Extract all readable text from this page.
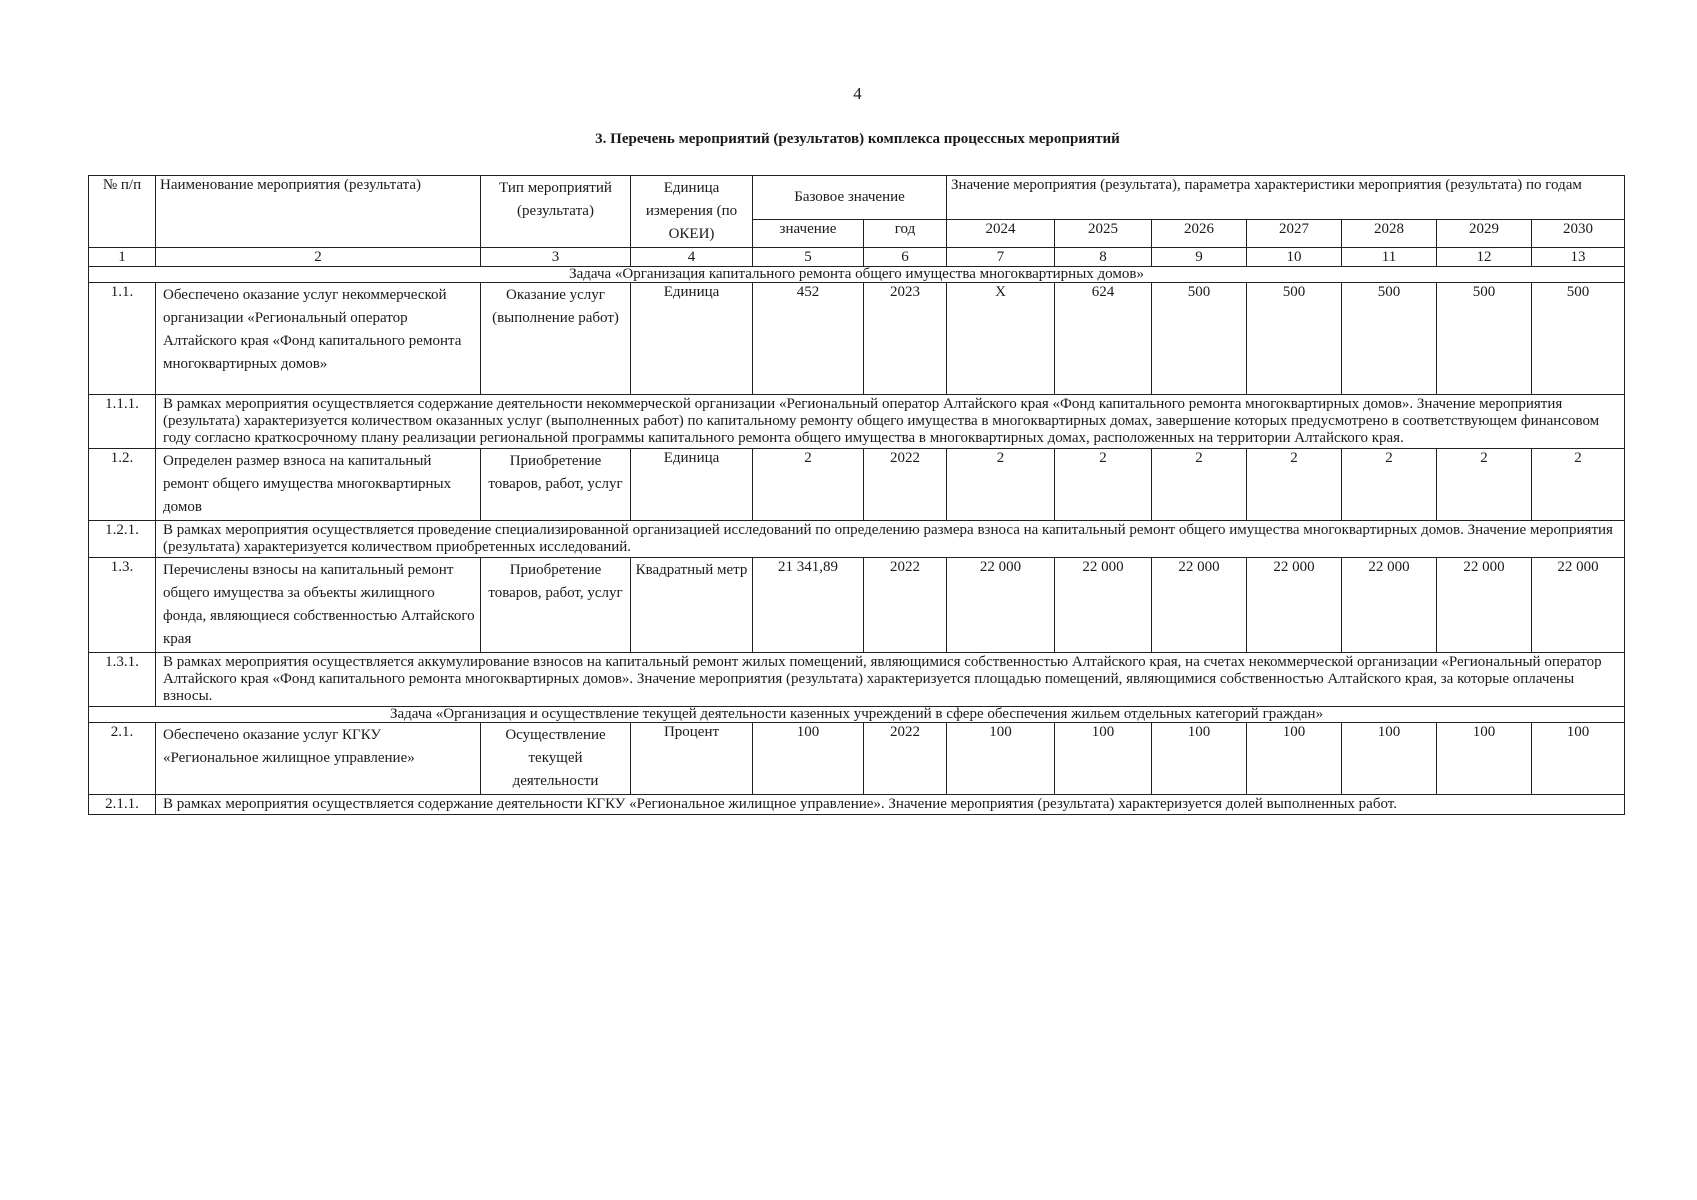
4
3. Перечень мероприятий (результатов) комплекса процессных мероприятий
№ п/п	Наименование мероприятия (результата)	Тип мероприятий (результата)	Единица измерения (по ОКЕИ)	Базовое значение		Значение мероприятия (результата), параметра характеристики мероприятия (результата) по годам						
				значение	год	2024	2025	2026	2027	2028	2029	2030
1	2	3	4	5	6	7	8	9	10	11	12	13
Задача «Организация капитального ремонта общего имущества многоквартирных домов»												
1.1.	Обеспечено оказание услуг некоммерческой организации «Региональный оператор Алтайского края «Фонд капитального ремонта многоквартирных домов»	Оказание услуг (выполнение работ)	Единица	452	2023	Х	624	500	500	500	500	500
1.1.1.	В рамках мероприятия осуществляется содержание деятельности некоммерческой организации «Региональный оператор Алтайского края «Фонд капитального ремонта многоквартирных домов». Значение мероприятия (результата) характеризуется количеством оказанных услуг (выполненных работ) по капитальному ремонту общего имущества в многоквартирных домах, завершение которых предусмотрено в соответствующем финансовом году согласно краткосрочному плану реализации региональной программы капитального ремонта общего имущества в многоквартирных домах, расположенных на территории Алтайского края.											
1.2.	Определен размер взноса на капитальный ремонт общего имущества многоквартирных домов	Приобретение товаров, работ, услуг	Единица	2	2022	2	2	2	2	2	2	2
1.2.1.	В рамках мероприятия осуществляется проведение специализированной организацией исследований по определению размера взноса на капитальный ремонт общего имущества многоквартирных домов. Значение мероприятия (результата) характеризуется количеством приобретенных исследований.											
1.3.	Перечислены взносы на капитальный ремонт общего имущества за объекты жилищного фонда, являющиеся собственностью Алтайского края	Приобретение товаров, работ, услуг	Квадратный метр	21 341,89	2022	22 000	22 000	22 000	22 000	22 000	22 000	22 000
1.3.1.	В рамках мероприятия осуществляется аккумулирование взносов на капитальный ремонт жилых помещений, являющимися собственностью Алтайского края, на счетах некоммерческой организации «Региональный оператор Алтайского края «Фонд капитального ремонта многоквартирных домов». Значение мероприятия (результата) характеризуется площадью помещений, являющимися собственностью Алтайского края, за которые оплачены взносы.											
Задача «Организация и осуществление текущей деятельности казенных учреждений в сфере обеспечения жильем отдельных категорий граждан»												
2.1.	Обеспечено оказание услуг КГКУ «Региональное жилищное управление»	Осуществление текущей деятельности	Процент	100	2022	100	100	100	100	100	100	100
2.1.1.	В рамках мероприятия осуществляется содержание деятельности КГКУ «Региональное жилищное управление». Значение мероприятия (результата) характеризуется долей выполненных работ.											
